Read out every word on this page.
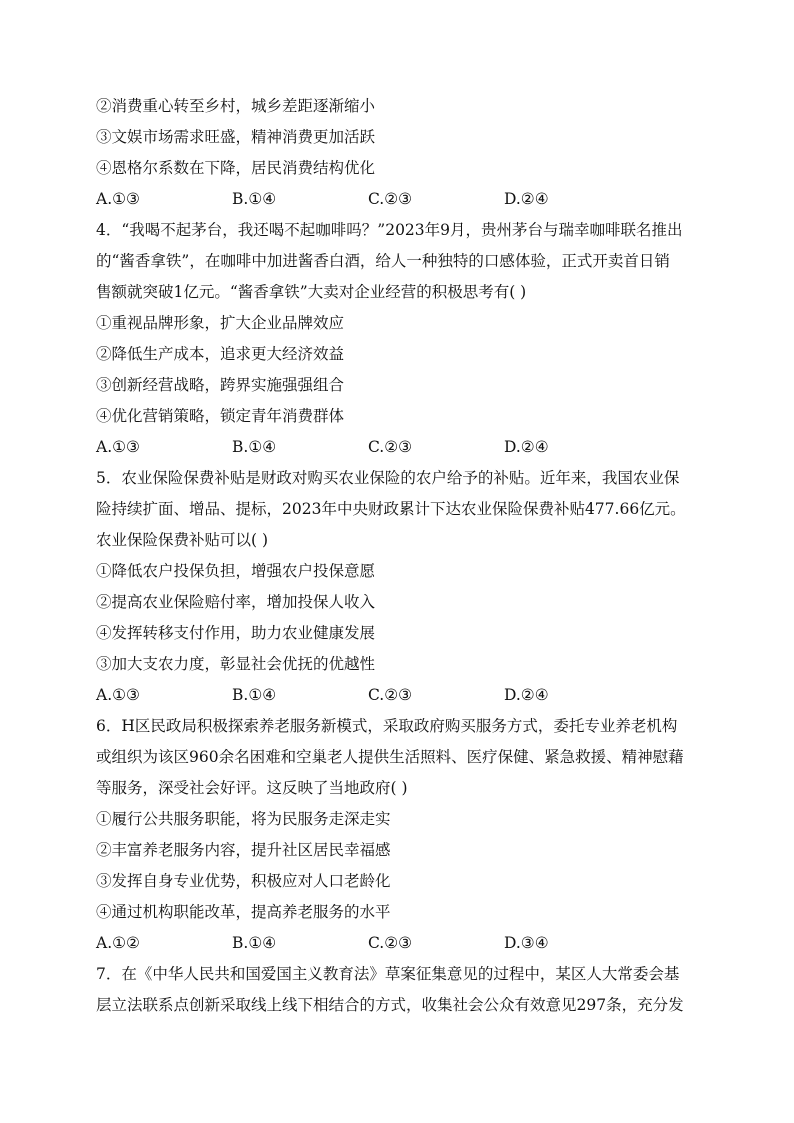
②消费重心转至乡村，城乡差距逐渐缩小
③文娱市场需求旺盛，精神消费更加活跃
④恩格尔系数在下降，居民消费结构优化
A.①③	B.①④	C.②③	D.②④
4．“我喝不起茅台，我还喝不起咖啡吗？”2023年9月，贵州茅台与瑞幸咖啡联名推出
的“酱香拿铁”，在咖啡中加进酱香白酒，给人一种独特的口感体验，正式开卖首日销
售额就突破1亿元。“酱香拿铁”大卖对企业经营的积极思考有( )
①重视品牌形象，扩大企业品牌效应
②降低生产成本，追求更大经济效益
③创新经营战略，跨界实施强强组合
④优化营销策略，锁定青年消费群体
A.①③	B.①④	C.②③	D.②④
5．农业保险保费补贴是财政对购买农业保险的农户给予的补贴。近年来，我国农业保
险持续扩面、增品、提标，2023年中央财政累计下达农业保险保费补贴477.66亿元。
农业保险保费补贴可以( )
①降低农户投保负担，增强农户投保意愿
②提高农业保险赔付率，增加投保人收入
④发挥转移支付作用，助力农业健康发展
③加大支农力度，彰显社会优抚的优越性
A.①③	B.①④	C.②③	D.②④
6．H区民政局积极探索养老服务新模式，采取政府购买服务方式，委托专业养老机构
或组织为该区960余名困难和空巢老人提供生活照料、医疗保健、紧急救援、精神慰藉
等服务，深受社会好评。这反映了当地政府( )
①履行公共服务职能，将为民服务走深走实
②丰富养老服务内容，提升社区居民幸福感
③发挥自身专业优势，积极应对人口老龄化
④通过机构职能改革，提高养老服务的水平
A.①②	B.①④	C.②③	D.③④
7．在《中华人民共和国爱国主义教育法》草案征集意见的过程中，某区人大常委会基
层立法联系点创新采取线上线下相结合的方式，收集社会公众有效意见297条，充分发
